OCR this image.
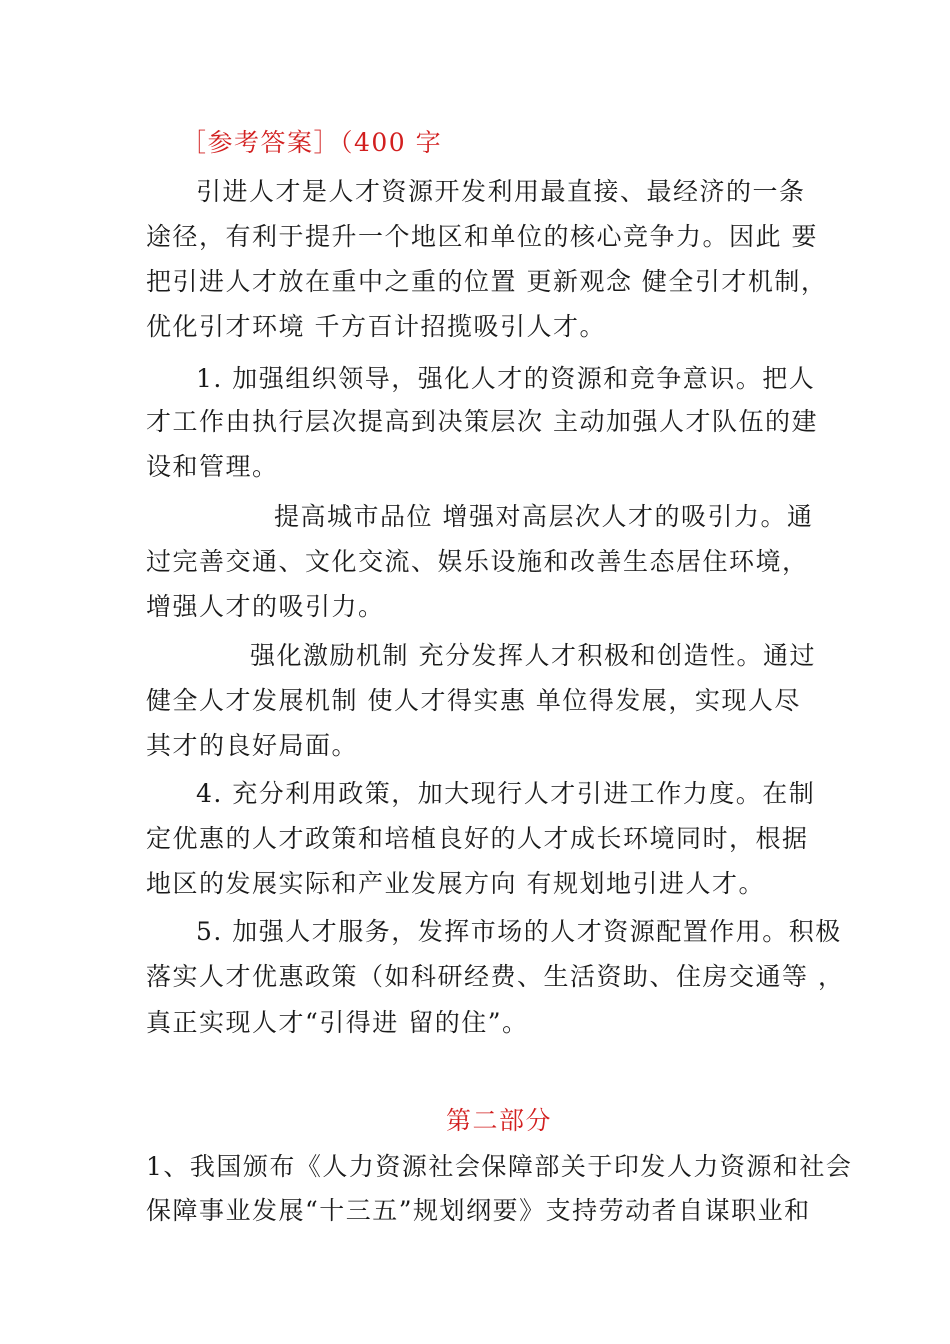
［参考答案］（400 字
引进人才是人才资源开发利用最直接、最经济的一条
途径，有利于提升一个地区和单位的核心竞争力。因此 要
把引进人才放在重中之重的位置 更新观念 健全引才机制，
优化引才环境 千方百计招揽吸引人才。
1. 加强组织领导，强化人才的资源和竞争意识。把人
才工作由执行层次提高到决策层次 主动加强人才队伍的建
设和管理。
提高城市品位 增强对高层次人才的吸引力。通
过完善交通、文化交流、娱乐设施和改善生态居住环境，
增强人才的吸引力。
强化激励机制 充分发挥人才积极和创造性。通过
健全人才发展机制 使人才得实惠 单位得发展，实现人尽
其才的良好局面。
4. 充分利用政策，加大现行人才引进工作力度。在制
定优惠的人才政策和培植良好的人才成长环境同时，根据
地区的发展实际和产业发展方向 有规划地引进人才。
5. 加强人才服务，发挥市场的人才资源配置作用。积极
落实人才优惠政策（如科研经费、生活资助、住房交通等 ，
真正实现人才“引得进 留的住”。
第二部分
1、我国颁布《人力资源社会保障部关于印发人力资源和社会
保障事业发展“十三五”规划纲要》支持劳动者自谋职业和
